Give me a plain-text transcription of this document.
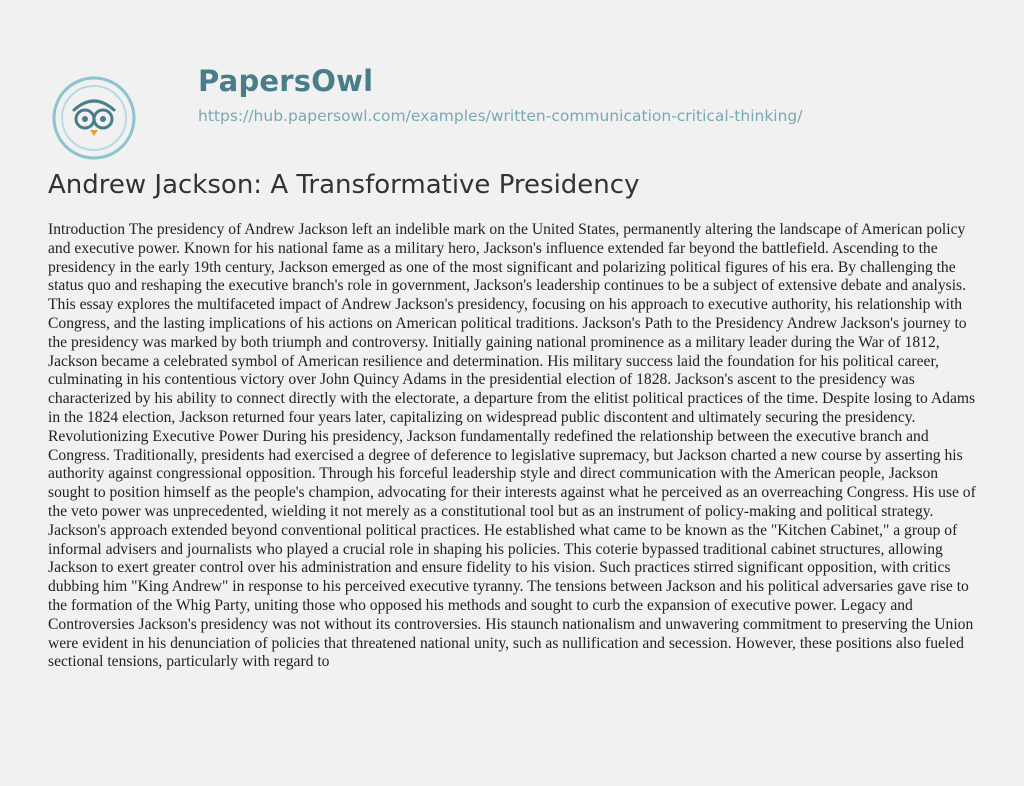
PapersOwl
https://hub.papersowl.com/examples/written-communication-critical-thinking/
Andrew Jackson: A Transformative Presidency

Introduction The presidency of Andrew Jackson left an indelible mark on the United States, permanently altering the landscape of American policy and executive power. Known for his national fame as a military hero, Jackson's influence extended far beyond the battlefield. Ascending to the presidency in the early 19th century, Jackson emerged as one of the most significant and polarizing political figures of his era. By challenging the status quo and reshaping the executive branch's role in government, Jackson's leadership continues to be a subject of extensive debate and analysis. This essay explores the multifaceted impact of Andrew Jackson's presidency, focusing on his approach to executive authority, his relationship with Congress, and the lasting implications of his actions on American political traditions. Jackson's Path to the Presidency Andrew Jackson's journey to the presidency was marked by both triumph and controversy. Initially gaining national prominence as a military leader during the War of 1812, Jackson became a celebrated symbol of American resilience and determination. His military success laid the foundation for his political career, culminating in his contentious victory over John Quincy Adams in the presidential election of 1828. Jackson's ascent to the presidency was characterized by his ability to connect directly with the electorate, a departure from the elitist political practices of the time. Despite losing to Adams in the 1824 election, Jackson returned four years later, capitalizing on widespread public discontent and ultimately securing the presidency. Revolutionizing Executive Power During his presidency, Jackson fundamentally redefined the relationship between the executive branch and Congress. Traditionally, presidents had exercised a degree of deference to legislative supremacy, but Jackson charted a new course by asserting his authority against congressional opposition. Through his forceful leadership style and direct communication with the American people, Jackson sought to position himself as the people's champion, advocating for their interests against what he perceived as an overreaching Congress. His use of the veto power was unprecedented, wielding it not merely as a constitutional tool but as an instrument of policy-making and political strategy. Jackson's approach extended beyond conventional political practices. He established what came to be known as the "Kitchen Cabinet," a group of informal advisers and journalists who played a crucial role in shaping his policies. This coterie bypassed traditional cabinet structures, allowing Jackson to exert greater control over his administration and ensure fidelity to his vision. Such practices stirred significant opposition, with critics dubbing him "King Andrew" in response to his perceived executive tyranny. The tensions between Jackson and his political adversaries gave rise to the formation of the Whig Party, uniting those who opposed his methods and sought to curb the expansion of executive power. Legacy and Controversies Jackson's presidency was not without its controversies. His staunch nationalism and unwavering commitment to preserving the Union were evident in his denunciation of policies that threatened national unity, such as nullification and secession. However, these positions also fueled sectional tensions, particularly with regard to
